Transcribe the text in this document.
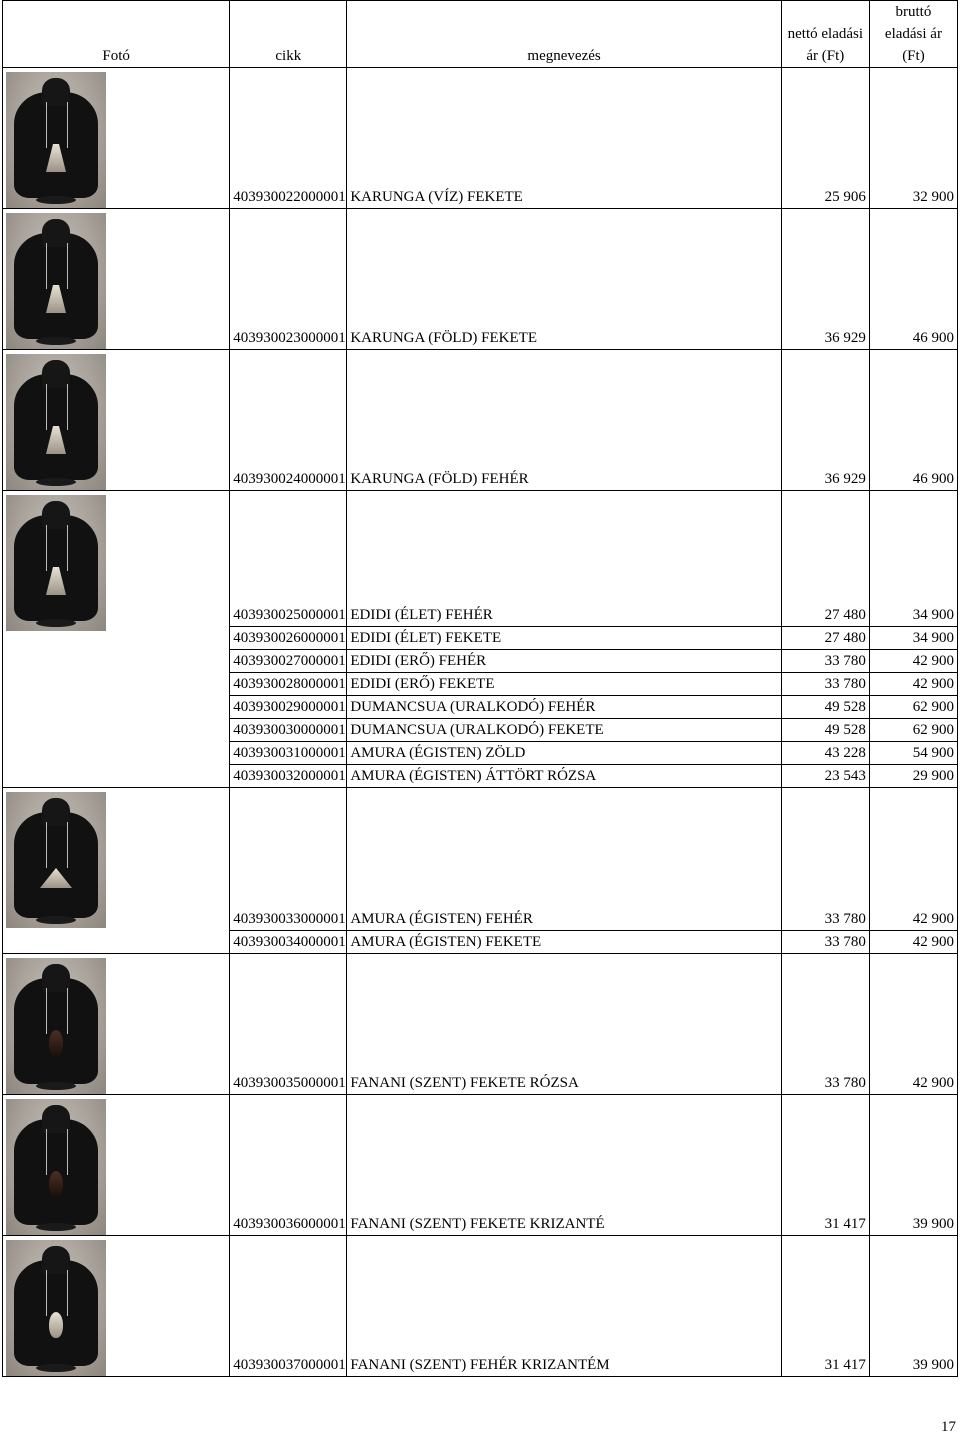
Fotó	cikk	megnevezés	nettó eladási ár (Ft)	bruttó eladási ár (Ft)

	403930022000001	KARUNGA (VÍZ) FEKETE	25 906	32 900

	403930023000001	KARUNGA (FÖLD) FEKETE	36 929	46 900

	403930024000001	KARUNGA (FÖLD) FEHÉR	36 929	46 900

	403930025000001	EDIDI (ÉLET) FEHÉR	27 480	34 900
	403930026000001	EDIDI (ÉLET) FEKETE	27 480	34 900
	403930027000001	EDIDI (ERŐ) FEHÉR	33 780	42 900
	403930028000001	EDIDI (ERŐ) FEKETE	33 780	42 900
	403930029000001	DUMANCSUA (URALKODÓ) FEHÉR	49 528	62 900
	403930030000001	DUMANCSUA (URALKODÓ) FEKETE	49 528	62 900
	403930031000001	AMURA (ÉGISTEN) ZÖLD	43 228	54 900
	403930032000001	AMURA (ÉGISTEN) ÁTTÖRT RÓZSA	23 543	29 900

	403930033000001	AMURA (ÉGISTEN) FEHÉR	33 780	42 900
	403930034000001	AMURA (ÉGISTEN) FEKETE	33 780	42 900

	403930035000001	FANANI (SZENT) FEKETE RÓZSA	33 780	42 900

	403930036000001	FANANI (SZENT) FEKETE KRIZANTÉ	31 417	39 900

	403930037000001	FANANI (SZENT) FEHÉR KRIZANTÉM	31 417	39 900
17
